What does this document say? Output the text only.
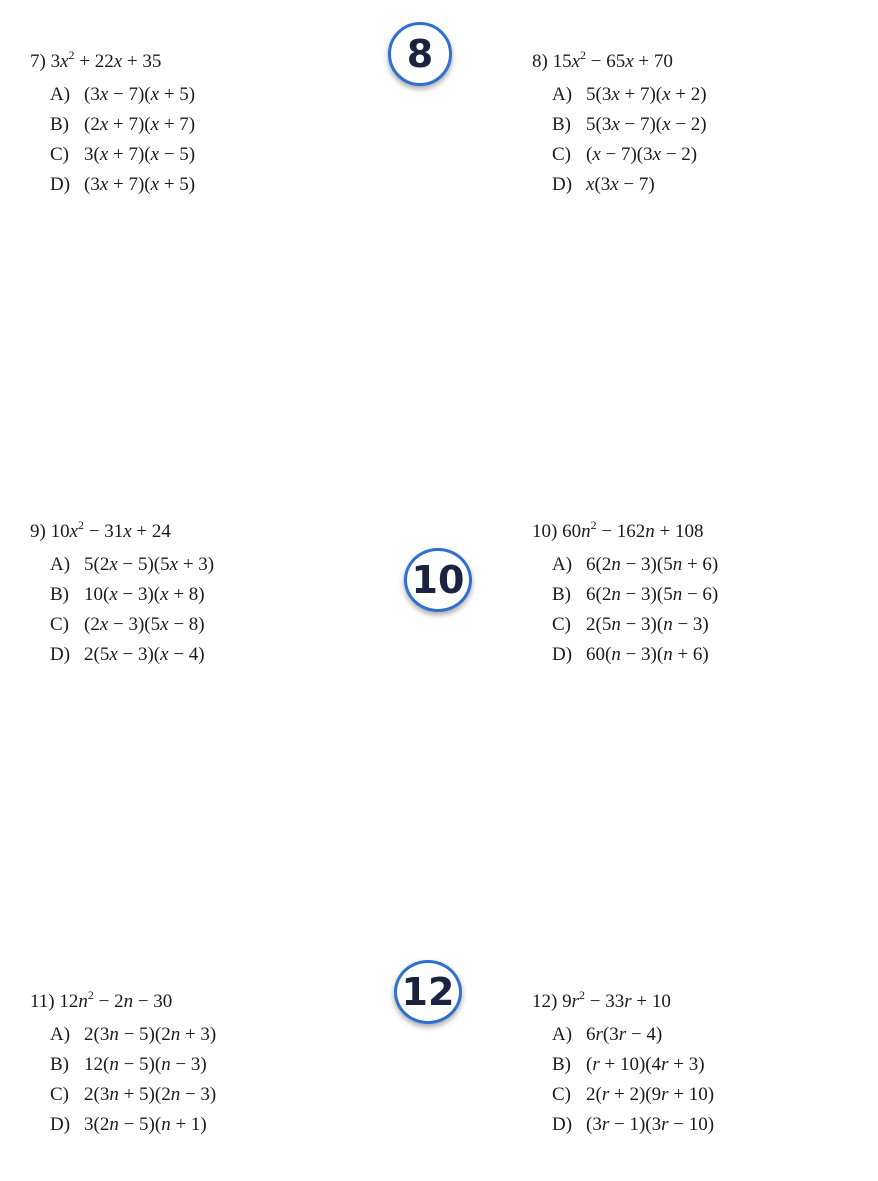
8
10
12
7) $3x^2 + 22x + 35$
A) (3x − 7)(x + 5)
B) (2x + 7)(x + 7)
C) 3(x + 7)(x − 5)
D) (3x + 7)(x + 5)
8) $15x^2 - 65x + 70$
A) 5(3x + 7)(x + 2)
B) 5(3x − 7)(x − 2)
C) (x − 7)(3x − 2)
D) x(3x − 7)
9) $10x^2 - 31x + 24$
A) 5(2x − 5)(5x + 3)
B) 10(x − 3)(x + 8)
C) (2x − 3)(5x − 8)
D) 2(5x − 3)(x − 4)
10) $60n^2 - 162n + 108$
A) 6(2n − 3)(5n + 6)
B) 6(2n − 3)(5n − 6)
C) 2(5n − 3)(n − 3)
D) 60(n − 3)(n + 6)
11) $12n^2 - 2n - 30$
A) 2(3n − 5)(2n + 3)
B) 12(n − 5)(n − 3)
C) 2(3n + 5)(2n − 3)
D) 3(2n − 5)(n + 1)
12) $9r^2 - 33r + 10$
A) 6r(3r − 4)
B) (r + 10)(4r + 3)
C) 2(r + 2)(9r + 10)
D) (3r − 1)(3r − 10)
